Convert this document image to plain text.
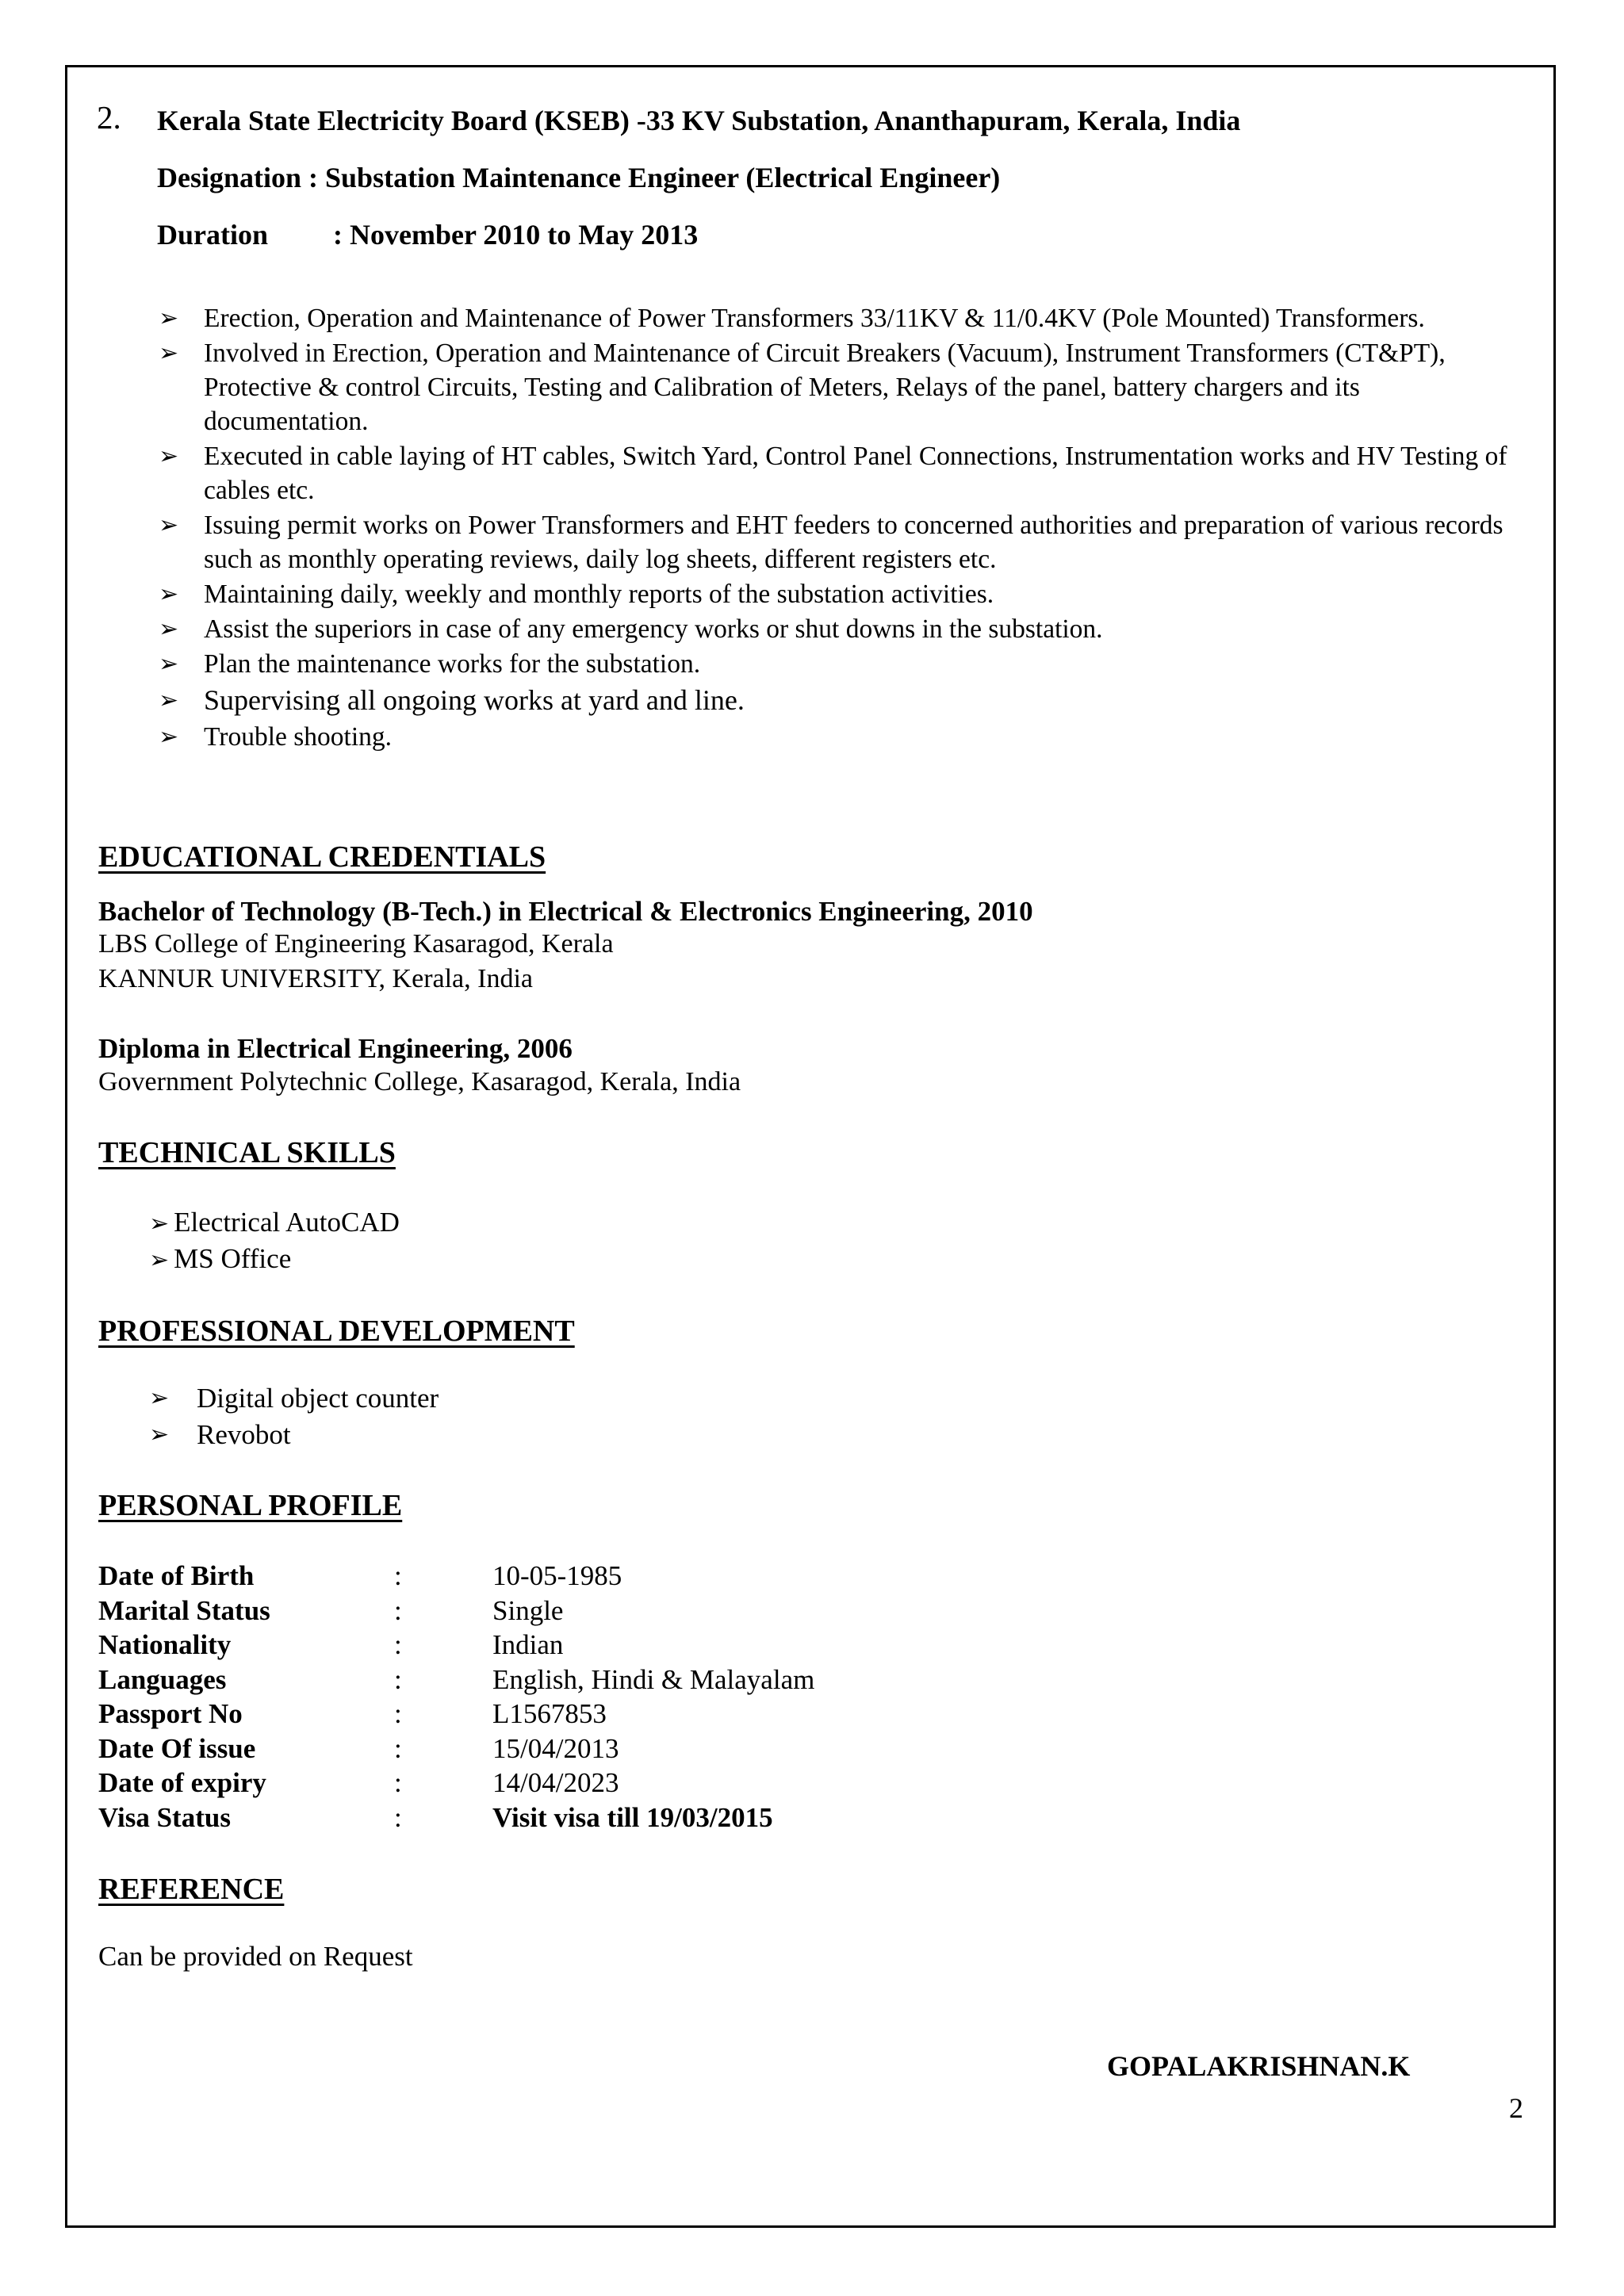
2. Kerala State Electricity Board (KSEB) -33 KV Substation, Ananthapuram, Kerala, India
Designation : Substation Maintenance Engineer (Electrical Engineer)
Duration : November 2010 to May 2013
➢ Erection, Operation and Maintenance of Power Transformers 33/11KV & 11/0.4KV (Pole Mounted) Transformers.
➢ Involved in Erection, Operation and Maintenance of Circuit Breakers (Vacuum), Instrument Transformers (CT&PT), Protective & control Circuits, Testing and Calibration of Meters, Relays of the panel, battery chargers and its documentation.
➢ Executed in cable laying of HT cables, Switch Yard, Control Panel Connections, Instrumentation works and HV Testing of cables etc.
➢ Issuing permit works on Power Transformers and EHT feeders to concerned authorities and preparation of various records such as monthly operating reviews, daily log sheets, different registers etc.
➢ Maintaining daily, weekly and monthly reports of the substation activities.
➢ Assist the superiors in case of any emergency works or shut downs in the substation.
➢ Plan the maintenance works for the substation.
➢ Supervising all ongoing works at yard and line.
➢ Trouble shooting.
EDUCATIONAL CREDENTIALS
Bachelor of Technology (B-Tech.) in Electrical & Electronics Engineering, 2010
LBS College of Engineering Kasaragod, Kerala
KANNUR UNIVERSITY, Kerala, India
Diploma in Electrical Engineering, 2006
Government Polytechnic College, Kasaragod, Kerala, India
TECHNICAL SKILLS
➢ Electrical AutoCAD
➢ MS Office
PROFESSIONAL DEVELOPMENT
➢ Digital object counter
➢ Revobot
PERSONAL PROFILE
Date of Birth	:	10-05-1985
Marital Status	:	Single
Nationality	:	Indian
Languages	:	English, Hindi & Malayalam
Passport No	:	L1567853
Date Of issue	:	15/04/2013
Date of expiry	:	14/04/2023
Visa Status	:	Visit visa till 19/03/2015
REFERENCE
Can be provided on Request
GOPALAKRISHNAN.K
2
